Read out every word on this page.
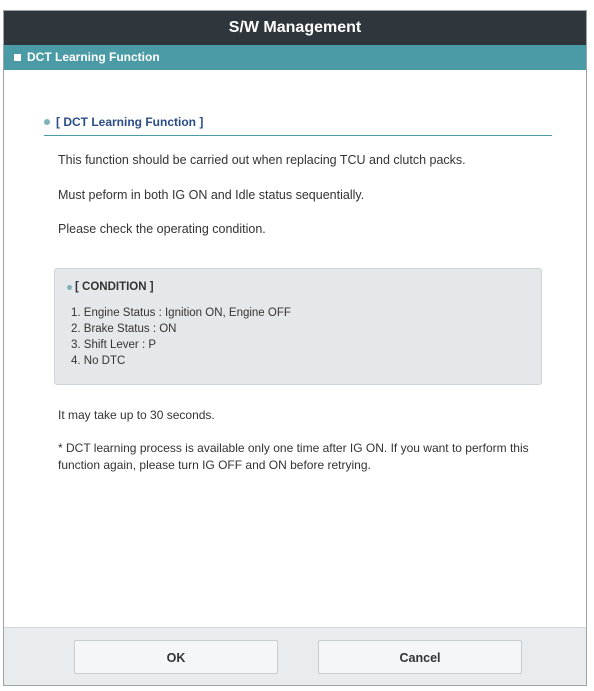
S/W Management
DCT Learning Function
[ DCT Learning Function ]
This function should be carried out when replacing TCU and clutch packs.
Must peform in both IG ON and Idle status sequentially.
Please check the operating condition.
[ CONDITION ]
1. Engine Status : Ignition ON, Engine OFF
2. Brake Status : ON
3. Shift Lever : P
4. No DTC
It may take up to 30 seconds.
* DCT learning process is available only one time after IG ON. If you want to perform this function again, please turn IG OFF and ON before retrying.
OK	Cancel
